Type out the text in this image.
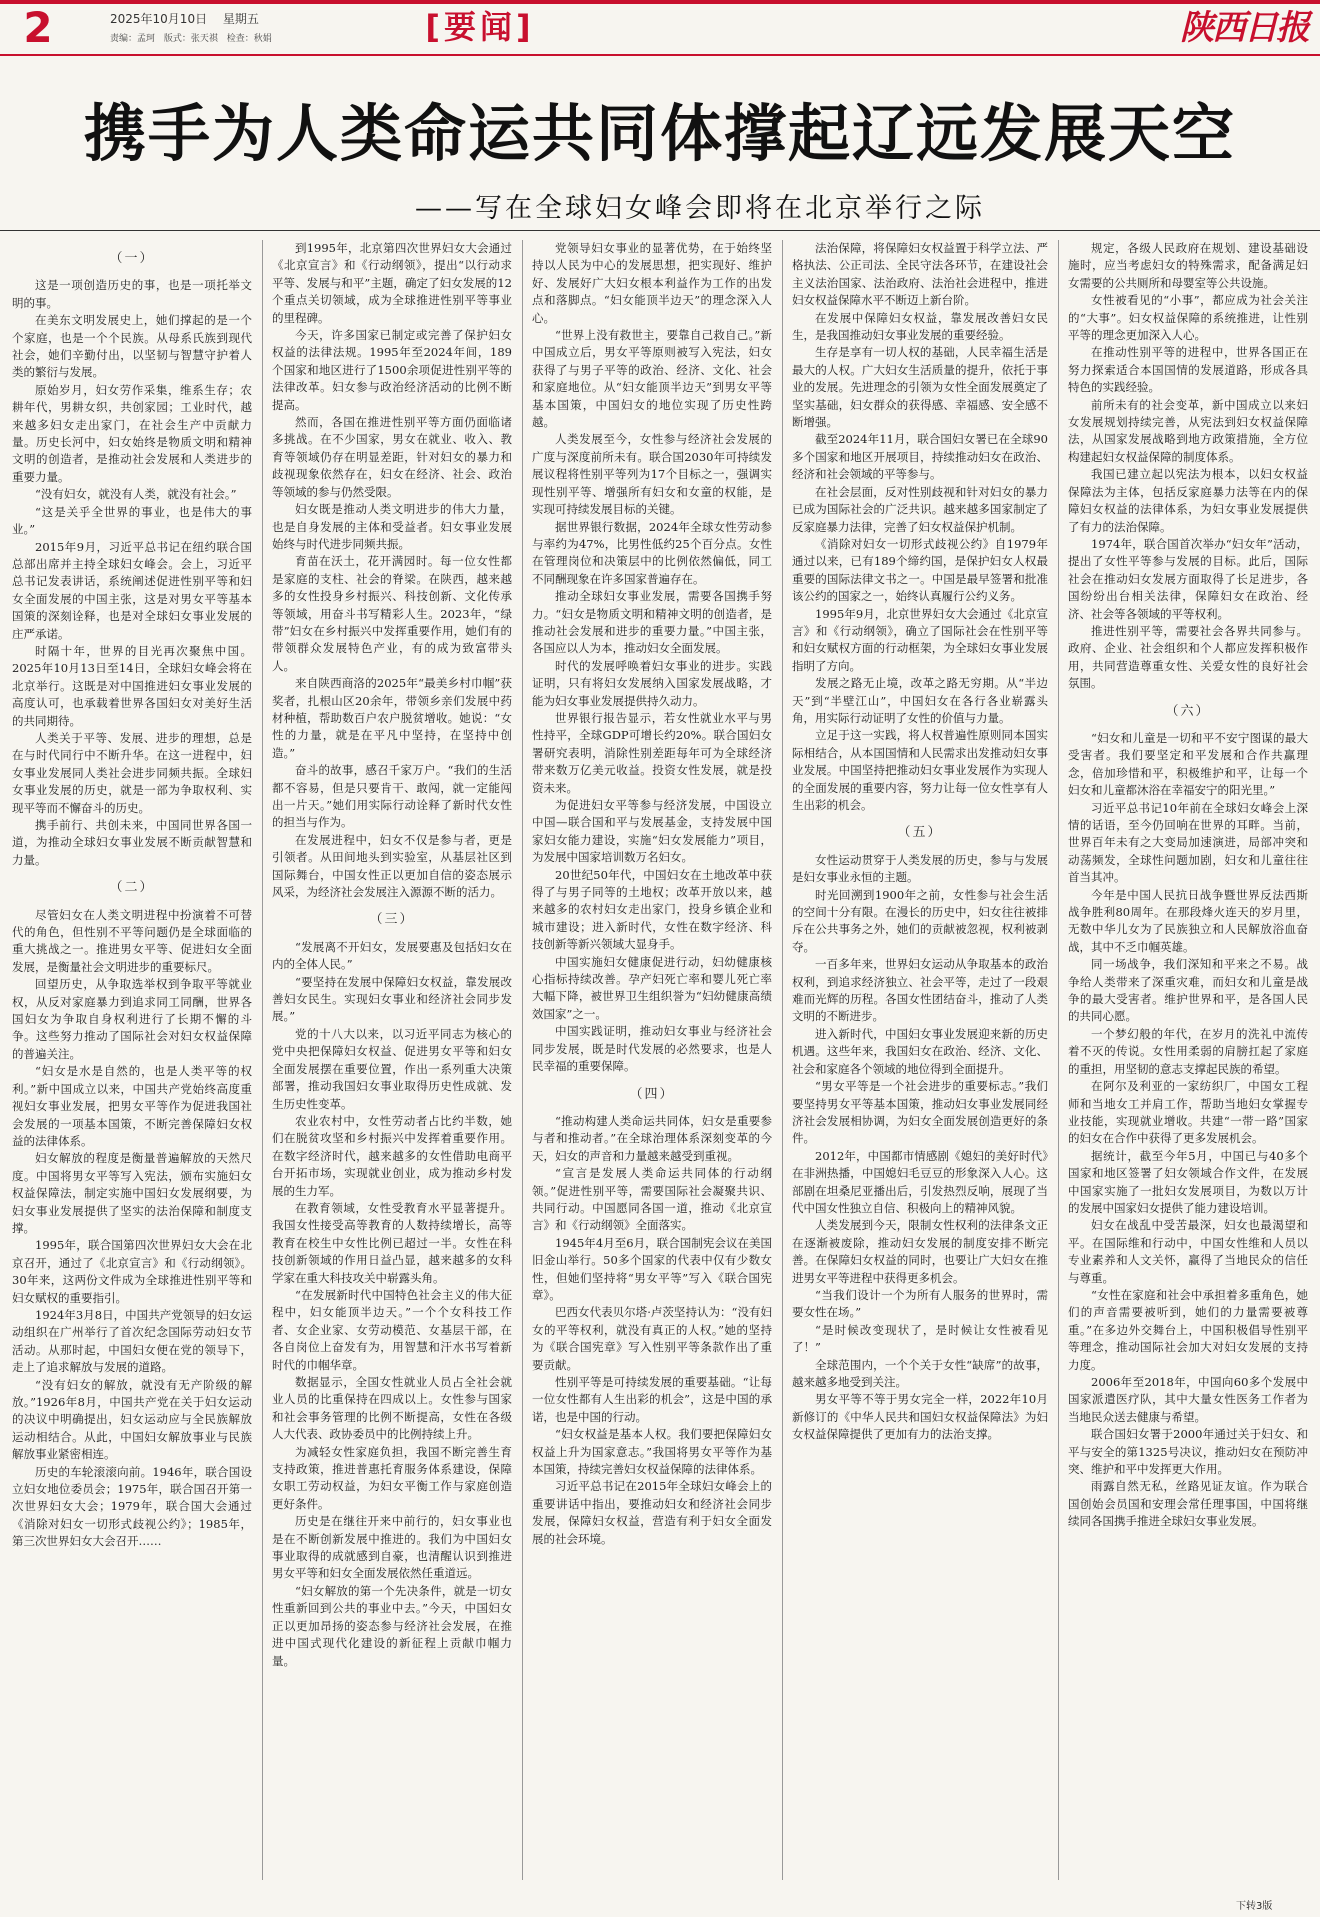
2	2025年10月10日 星期五
责编：孟珂 版式：张天祺 检查：秋娟	[要闻]	陕西日报
携手为人类命运共同体撑起辽远发展天空
——写在全球妇女峰会即将在北京举行之际
（一）

这是一项创造历史的事，也是一项托举文明的事。

在美东文明发展史上，她们撑起的是一个个家庭，也是一个个民族。从母系氏族到现代社会，她们辛勤付出，以坚韧与智慧守护着人类的繁衍与发展。

原始岁月，妇女劳作采集，维系生存；农耕年代，男耕女织，共创家园；工业时代，越来越多妇女走出家门，在社会生产中贡献力量。历史长河中，妇女始终是物质文明和精神文明的创造者，是推动社会发展和人类进步的重要力量。

“没有妇女，就没有人类，就没有社会。”

“这是关乎全世界的事业，也是伟大的事业。”

2015年9月，习近平总书记在纽约联合国总部出席并主持全球妇女峰会。会上，习近平总书记发表讲话，系统阐述促进性别平等和妇女全面发展的中国主张，这是对男女平等基本国策的深刻诠释，也是对全球妇女事业发展的庄严承诺。

时隔十年，世界的目光再次聚焦中国。2025年10月13日至14日，全球妇女峰会将在北京举行。这既是对中国推进妇女事业发展的高度认可，也承载着世界各国妇女对美好生活的共同期待。

人类关于平等、发展、进步的理想，总是在与时代同行中不断升华。在这一进程中，妇女事业发展同人类社会进步同频共振。全球妇女事业发展的历史，就是一部为争取权利、实现平等而不懈奋斗的历史。

携手前行、共创未来，中国同世界各国一道，为推动全球妇女事业发展不断贡献智慧和力量。

（二）

尽管妇女在人类文明进程中扮演着不可替代的角色，但性别不平等问题仍是全球面临的重大挑战之一。推进男女平等、促进妇女全面发展，是衡量社会文明进步的重要标尺。

回望历史，从争取选举权到争取平等就业权，从反对家庭暴力到追求同工同酬，世界各国妇女为争取自身权利进行了长期不懈的斗争。这些努力推动了国际社会对妇女权益保障的普遍关注。

“妇女是水是自然的，也是人类平等的权利。”新中国成立以来，中国共产党始终高度重视妇女事业发展，把男女平等作为促进我国社会发展的一项基本国策，不断完善保障妇女权益的法律体系。

妇女解放的程度是衡量普遍解放的天然尺度。中国将男女平等写入宪法，颁布实施妇女权益保障法，制定实施中国妇女发展纲要，为妇女事业发展提供了坚实的法治保障和制度支撑。

1995年，联合国第四次世界妇女大会在北京召开，通过了《北京宣言》和《行动纲领》。30年来，这两份文件成为全球推进性别平等和妇女赋权的重要指引。

1924年3月8日，中国共产党领导的妇女运动组织在广州举行了首次纪念国际劳动妇女节活动。从那时起，中国妇女便在党的领导下，走上了追求解放与发展的道路。

“没有妇女的解放，就没有无产阶级的解放。”1926年8月，中国共产党在关于妇女运动的决议中明确提出，妇女运动应与全民族解放运动相结合。从此，中国妇女解放事业与民族解放事业紧密相连。

历史的车轮滚滚向前。1946年，联合国设立妇女地位委员会；1975年，联合国召开第一次世界妇女大会；1979年，联合国大会通过《消除对妇女一切形式歧视公约》；1985年，第三次世界妇女大会召开……

到1995年，北京第四次世界妇女大会通过《北京宣言》和《行动纲领》，提出“以行动求平等、发展与和平”主题，确定了妇女发展的12个重点关切领域，成为全球推进性别平等事业的里程碑。

今天，许多国家已制定或完善了保护妇女权益的法律法规。1995年至2024年间，189个国家和地区进行了1500余项促进性别平等的法律改革。妇女参与政治经济活动的比例不断提高。

然而，各国在推进性别平等方面仍面临诸多挑战。在不少国家，男女在就业、收入、教育等领域仍存在明显差距，针对妇女的暴力和歧视现象依然存在，妇女在经济、社会、政治等领域的参与仍然受限。

妇女既是推动人类文明进步的伟大力量，也是自身发展的主体和受益者。妇女事业发展始终与时代进步同频共振。

育苗在沃土，花开满园时。每一位女性都是家庭的支柱、社会的脊梁。在陕西，越来越多的女性投身乡村振兴、科技创新、文化传承等领域，用奋斗书写精彩人生。2023年，“绿带”妇女在乡村振兴中发挥重要作用，她们有的带领群众发展特色产业，有的成为致富带头人。

来自陕西商洛的2025年“最美乡村巾帼”获奖者，扎根山区20余年，带领乡亲们发展中药材种植，帮助数百户农户脱贫增收。她说：“女性的力量，就是在平凡中坚持，在坚持中创造。”

奋斗的故事，感召千家万户。“我们的生活都不容易，但是只要肯干、敢闯，就一定能闯出一片天。”她们用实际行动诠释了新时代女性的担当与作为。

在发展进程中，妇女不仅是参与者，更是引领者。从田间地头到实验室，从基层社区到国际舞台，中国女性正以更加自信的姿态展示风采，为经济社会发展注入源源不断的活力。

（三）

“发展离不开妇女，发展要惠及包括妇女在内的全体人民。”

“要坚持在发展中保障妇女权益，靠发展改善妇女民生。实现妇女事业和经济社会同步发展。”

党的十八大以来，以习近平同志为核心的党中央把保障妇女权益、促进男女平等和妇女全面发展摆在重要位置，作出一系列重大决策部署，推动我国妇女事业取得历史性成就、发生历史性变革。

农业农村中，女性劳动者占比约半数，她们在脱贫攻坚和乡村振兴中发挥着重要作用。在数字经济时代，越来越多的女性借助电商平台开拓市场，实现就业创业，成为推动乡村发展的生力军。

在教育领域，女性受教育水平显著提升。我国女性接受高等教育的人数持续增长，高等教育在校生中女性比例已超过一半。女性在科技创新领域的作用日益凸显，越来越多的女科学家在重大科技攻关中崭露头角。

“在发展新时代中国特色社会主义的伟大征程中，妇女能顶半边天。”一个个女科技工作者、女企业家、女劳动模范、女基层干部，在各自岗位上奋发有为，用智慧和汗水书写着新时代的巾帼华章。

数据显示，全国女性就业人员占全社会就业人员的比重保持在四成以上。女性参与国家和社会事务管理的比例不断提高，女性在各级人大代表、政协委员中的比例持续上升。

为减轻女性家庭负担，我国不断完善生育支持政策，推进普惠托育服务体系建设，保障女职工劳动权益，为妇女平衡工作与家庭创造更好条件。

历史是在继往开来中前行的，妇女事业也是在不断创新发展中推进的。我们为中国妇女事业取得的成就感到自豪，也清醒认识到推进男女平等和妇女全面发展依然任重道远。

“妇女解放的第一个先决条件，就是一切女性重新回到公共的事业中去。”今天，中国妇女正以更加昂扬的姿态参与经济社会发展，在推进中国式现代化建设的新征程上贡献巾帼力量。

党领导妇女事业的显著优势，在于始终坚持以人民为中心的发展思想，把实现好、维护好、发展好广大妇女根本利益作为工作的出发点和落脚点。“妇女能顶半边天”的理念深入人心。

“世界上没有救世主，要靠自己救自己。”新中国成立后，男女平等原则被写入宪法，妇女获得了与男子平等的政治、经济、文化、社会和家庭地位。从“妇女能顶半边天”到男女平等基本国策，中国妇女的地位实现了历史性跨越。

人类发展至今，女性参与经济社会发展的广度与深度前所未有。联合国2030年可持续发展议程将性别平等列为17个目标之一，强调实现性别平等、增强所有妇女和女童的权能，是实现可持续发展目标的关键。

据世界银行数据，2024年全球女性劳动参与率约为47%，比男性低约25个百分点。女性在管理岗位和决策层中的比例依然偏低，同工不同酬现象在许多国家普遍存在。

推动全球妇女事业发展，需要各国携手努力。“妇女是物质文明和精神文明的创造者，是推动社会发展和进步的重要力量。”中国主张，各国应以人为本，推动妇女全面发展。

时代的发展呼唤着妇女事业的进步。实践证明，只有将妇女发展纳入国家发展战略，才能为妇女事业发展提供持久动力。

世界银行报告显示，若女性就业水平与男性持平，全球GDP可增长约20%。联合国妇女署研究表明，消除性别差距每年可为全球经济带来数万亿美元收益。投资女性发展，就是投资未来。

为促进妇女平等参与经济发展，中国设立中国—联合国和平与发展基金，支持发展中国家妇女能力建设，实施“妇女发展能力”项目，为发展中国家培训数万名妇女。

20世纪50年代，中国妇女在土地改革中获得了与男子同等的土地权；改革开放以来，越来越多的农村妇女走出家门，投身乡镇企业和城市建设；进入新时代，女性在数字经济、科技创新等新兴领域大显身手。

中国实施妇女健康促进行动，妇幼健康核心指标持续改善。孕产妇死亡率和婴儿死亡率大幅下降，被世界卫生组织誉为“妇幼健康高绩效国家”之一。

中国实践证明，推动妇女事业与经济社会同步发展，既是时代发展的必然要求，也是人民幸福的重要保障。

（四）

“推动构建人类命运共同体，妇女是重要参与者和推动者。”在全球治理体系深刻变革的今天，妇女的声音和力量越来越受到重视。

“宣言是发展人类命运共同体的行动纲领。”促进性别平等，需要国际社会凝聚共识、共同行动。中国愿同各国一道，推动《北京宣言》和《行动纲领》全面落实。

1945年4月至6月，联合国制宪会议在美国旧金山举行。50多个国家的代表中仅有少数女性，但她们坚持将“男女平等”写入《联合国宪章》。

巴西女代表贝尔塔·卢茨坚持认为：“没有妇女的平等权利，就没有真正的人权。”她的坚持为《联合国宪章》写入性别平等条款作出了重要贡献。

性别平等是可持续发展的重要基础。“让每一位女性都有人生出彩的机会”，这是中国的承诺，也是中国的行动。

“妇女权益是基本人权。我们要把保障妇女权益上升为国家意志。”我国将男女平等作为基本国策，持续完善妇女权益保障的法律体系。

习近平总书记在2015年全球妇女峰会上的重要讲话中指出，要推动妇女和经济社会同步发展，保障妇女权益，营造有利于妇女全面发展的社会环境。

法治保障，将保障妇女权益置于科学立法、严格执法、公正司法、全民守法各环节，在建设社会主义法治国家、法治政府、法治社会进程中，推进妇女权益保障水平不断迈上新台阶。

在发展中保障妇女权益，靠发展改善妇女民生，是我国推动妇女事业发展的重要经验。

生存是享有一切人权的基础，人民幸福生活是最大的人权。广大妇女生活质量的提升，依托于事业的发展。先进理念的引领为女性全面发展奠定了坚实基础，妇女群众的获得感、幸福感、安全感不断增强。

截至2024年11月，联合国妇女署已在全球90多个国家和地区开展项目，持续推动妇女在政治、经济和社会领域的平等参与。

在社会层面，反对性别歧视和针对妇女的暴力已成为国际社会的广泛共识。越来越多国家制定了反家庭暴力法律，完善了妇女权益保护机制。

《消除对妇女一切形式歧视公约》自1979年通过以来，已有189个缔约国，是保护妇女人权最重要的国际法律文书之一。中国是最早签署和批准该公约的国家之一，始终认真履行公约义务。

1995年9月，北京世界妇女大会通过《北京宣言》和《行动纲领》，确立了国际社会在性别平等和妇女赋权方面的行动框架，为全球妇女事业发展指明了方向。

发展之路无止境，改革之路无穷期。从“半边天”到“半壁江山”，中国妇女在各行各业崭露头角，用实际行动证明了女性的价值与力量。

立足于这一实践，将人权普遍性原则同本国实际相结合，从本国国情和人民需求出发推动妇女事业发展。中国坚持把推动妇女事业发展作为实现人的全面发展的重要内容，努力让每一位女性享有人生出彩的机会。

（五）

女性运动贯穿于人类发展的历史，参与与发展是妇女事业永恒的主题。

时光回溯到1900年之前，女性参与社会生活的空间十分有限。在漫长的历史中，妇女往往被排斥在公共事务之外，她们的贡献被忽视，权利被剥夺。

一百多年来，世界妇女运动从争取基本的政治权利，到追求经济独立、社会平等，走过了一段艰难而光辉的历程。各国女性团结奋斗，推动了人类文明的不断进步。

进入新时代，中国妇女事业发展迎来新的历史机遇。这些年来，我国妇女在政治、经济、文化、社会和家庭各个领域的地位得到全面提升。

“男女平等是一个社会进步的重要标志。”我们要坚持男女平等基本国策，推动妇女事业发展同经济社会发展相协调，为妇女全面发展创造更好的条件。

2012年，中国都市情感剧《媳妇的美好时代》在非洲热播，中国媳妇毛豆豆的形象深入人心。这部剧在坦桑尼亚播出后，引发热烈反响，展现了当代中国女性独立自信、积极向上的精神风貌。

人类发展到今天，限制女性权利的法律条文正在逐渐被废除，推动妇女发展的制度安排不断完善。在保障妇女权益的同时，也要让广大妇女在推进男女平等进程中获得更多机会。

“当我们设计一个为所有人服务的世界时，需要女性在场。”

“是时候改变现状了，是时候让女性被看见了！”

全球范围内，一个个关于女性“缺席”的故事，越来越多地受到关注。

男女平等不等于男女完全一样，2022年10月新修订的《中华人民共和国妇女权益保障法》为妇女权益保障提供了更加有力的法治支撑。

规定，各级人民政府在规划、建设基础设施时，应当考虑妇女的特殊需求，配备满足妇女需要的公共厕所和母婴室等公共设施。

女性被看见的“小事”，都应成为社会关注的“大事”。妇女权益保障的系统推进，让性别平等的理念更加深入人心。

在推动性别平等的进程中，世界各国正在努力探索适合本国国情的发展道路，形成各具特色的实践经验。

前所未有的社会变革，新中国成立以来妇女发展规划持续完善，从宪法到妇女权益保障法，从国家发展战略到地方政策措施，全方位构建起妇女权益保障的制度体系。

我国已建立起以宪法为根本，以妇女权益保障法为主体，包括反家庭暴力法等在内的保障妇女权益的法律体系，为妇女事业发展提供了有力的法治保障。

1974年，联合国首次举办“妇女年”活动，提出了女性平等参与发展的目标。此后，国际社会在推动妇女发展方面取得了长足进步，各国纷纷出台相关法律，保障妇女在政治、经济、社会等各领域的平等权利。

推进性别平等，需要社会各界共同参与。政府、企业、社会组织和个人都应发挥积极作用，共同营造尊重女性、关爱女性的良好社会氛围。

（六）

“妇女和儿童是一切和平不安宁图谋的最大受害者。我们要坚定和平发展和合作共赢理念，倍加珍惜和平，积极维护和平，让每一个妇女和儿童都沐浴在幸福安宁的阳光里。”

习近平总书记10年前在全球妇女峰会上深情的话语，至今仍回响在世界的耳畔。当前，世界百年未有之大变局加速演进，局部冲突和动荡频发，全球性问题加剧，妇女和儿童往往首当其冲。

今年是中国人民抗日战争暨世界反法西斯战争胜利80周年。在那段烽火连天的岁月里，无数中华儿女为了民族独立和人民解放浴血奋战，其中不乏巾帼英雄。

同一场战争，我们深知和平来之不易。战争给人类带来了深重灾难，而妇女和儿童是战争的最大受害者。维护世界和平，是各国人民的共同心愿。

一个梦幻般的年代，在岁月的洗礼中流传着不灭的传说。女性用柔弱的肩膀扛起了家庭的重担，用坚韧的意志支撑起民族的希望。

在阿尔及利亚的一家纺织厂，中国女工程师和当地女工并肩工作，帮助当地妇女掌握专业技能，实现就业增收。共建“一带一路”国家的妇女在合作中获得了更多发展机会。

据统计，截至今年5月，中国已与40多个国家和地区签署了妇女领域合作文件，在发展中国家实施了一批妇女发展项目，为数以万计的发展中国家妇女提供了能力建设培训。

妇女在战乱中受苦最深，妇女也最渴望和平。在国际维和行动中，中国女性维和人员以专业素养和人文关怀，赢得了当地民众的信任与尊重。

“女性在家庭和社会中承担着多重角色，她们的声音需要被听到，她们的力量需要被尊重。”在多边外交舞台上，中国积极倡导性别平等理念，推动国际社会加大对妇女发展的支持力度。

2006年至2018年，中国向60多个发展中国家派遣医疗队，其中大量女性医务工作者为当地民众送去健康与希望。

联合国妇女署于2000年通过关于妇女、和平与安全的第1325号决议，推动妇女在预防冲突、维护和平中发挥更大作用。

雨露自然无私，丝路见证友谊。作为联合国创始会员国和安理会常任理事国，中国将继续同各国携手推进全球妇女事业发展。

下转3版
